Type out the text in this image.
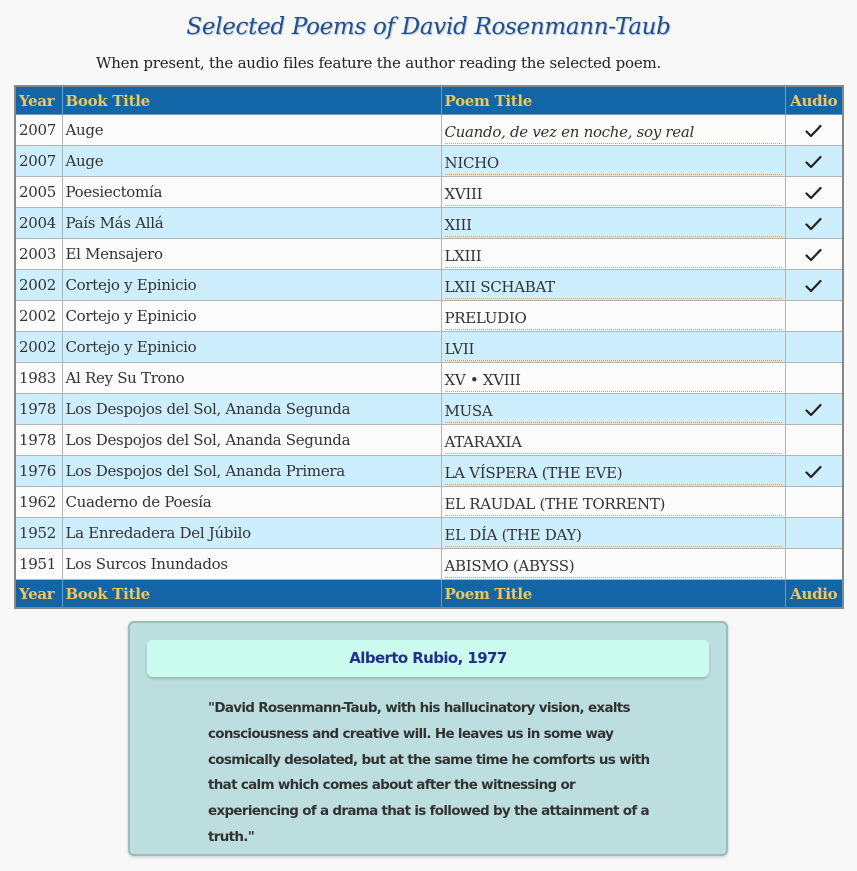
Selected Poems of David Rosenmann-Taub
When present, the audio files feature the author reading the selected poem.
Year	Book Title	Poem Title	Audio
2007	Auge	Cuando, de vez en noche, soy real

2007	Auge	NICHO

2005	Poesiectomía	XVIII

2004	País Más Allá	XIII

2003	El Mensajero	LXIII

2002	Cortejo y Epinicio	LXII SCHABAT

2002	Cortejo y Epinicio	PRELUDIO	

2002	Cortejo y Epinicio	LVII	

1983	Al Rey Su Trono	XV • XVIII	

1978	Los Despojos del Sol, Ananda Segunda	MUSA

1978	Los Despojos del Sol, Ananda Segunda	ATARAXIA	

1976	Los Despojos del Sol, Ananda Primera	LA VÍSPERA (THE EVE)

1962	Cuaderno de Poesía	EL RAUDAL (THE TORRENT)	

1952	La Enredadera Del Júbilo	EL DÍA (THE DAY)	

1951	Los Surcos Inundados	ABISMO (ABYSS)	

Year	Book Title	Poem Title	Audio
Alberto Rubio, 1977
"David Rosenmann-Taub, with his hallucinatory vision, exalts consciousness and creative will. He leaves us in some way cosmically desolated, but at the same time he comforts us with that calm which comes about after the witnessing or experiencing of a drama that is followed by the attainment of a truth."
